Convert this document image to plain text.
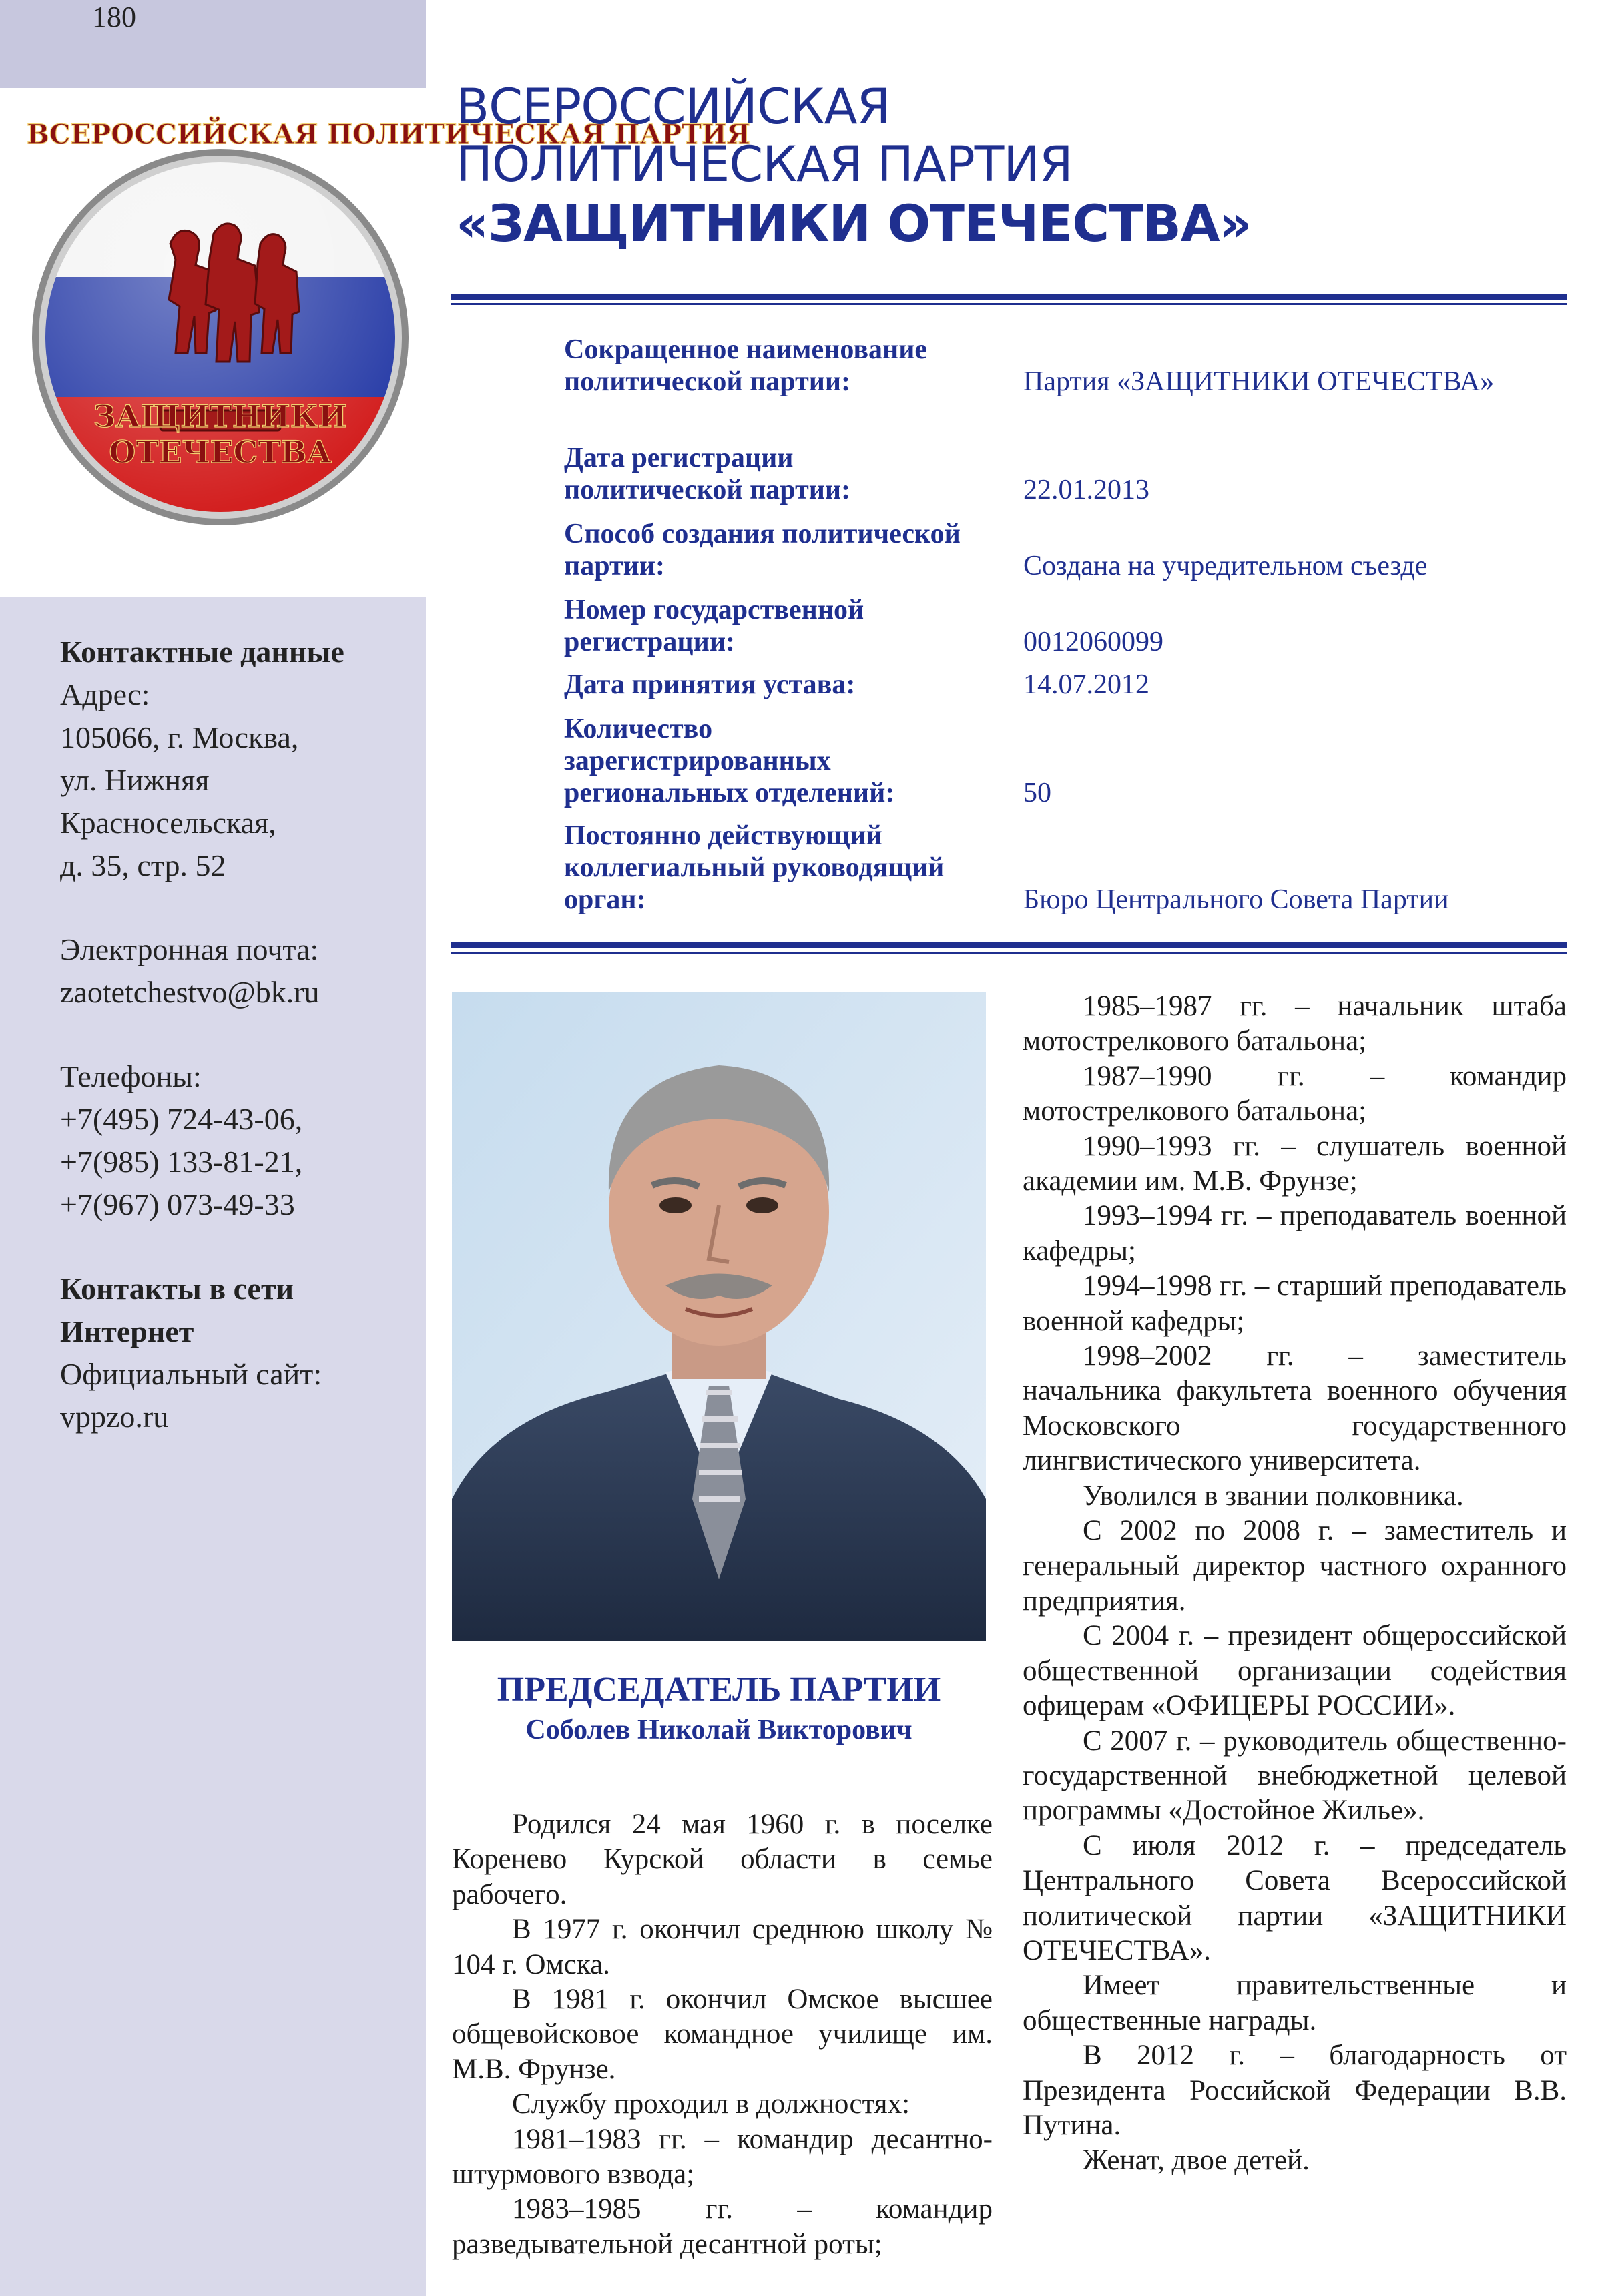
180
ВСЕРОССИЙСКАЯ ПОЛИТИЧЕСКАЯ ПАРТИЯ
ЗАЩИТНИКИ
ОТЕЧЕСТВА
Контактные данные
Адрес:
105066, г. Москва,
ул. Нижняя
Красносельская,
д. 35, стр. 52
Электронная почта:
zaotetchestvo@bk.ru
Телефоны:
+7(495) 724-43-06,
+7(985) 133-81-21,
+7(967) 073-49-33
Контакты в сети
Интернет
Официальный сайт:
vppzo.ru
ВСЕРОССИЙСКАЯ
ПОЛИТИЧЕСКАЯ ПАРТИЯ
«ЗАЩИТНИКИ ОТЕЧЕСТВА»
Сокращенное наименование политической партии:	Партия «ЗАЩИТНИКИ ОТЕЧЕСТВА»
Дата регистрации политической партии:	22.01.2013
Способ создания политической партии:	Создана на учредительном съезде
Номер государственной регистрации:	0012060099
Дата принятия устава:	14.07.2012
Количество зарегистрированных региональных отделений:	50
Постоянно действующий коллегиальный руководящий орган:	Бюро Центрального Совета Партии
ПРЕДСЕДАТЕЛЬ ПАРТИИ
Соболев Николай Викторович

Родился 24 мая 1960 г. в поселке Коренево Курской области в семье рабочего.

В 1977 г. окончил среднюю школу № 104 г. Омска.

В 1981 г. окончил Омское высшее общевойсковое командное училище им. М.В. Фрунзе.

Службу проходил в должностях:

1981–1983 гг. – командир десантно-штурмового взвода;

1983–1985 гг. – командир разведывательной десантной роты;

1985–1987 гг. – начальник штаба мотострелкового батальона;

1987–1990 гг. – командир мотострелкового батальона;

1990–1993 гг. – слушатель военной академии им. М.В. Фрунзе;

1993–1994 гг. – преподаватель военной кафедры;

1994–1998 гг. – старший преподаватель военной кафедры;

1998–2002 гг. – заместитель начальника факультета военного обучения Московского государственного лингвистического университета.

Уволился в звании полковника.

С 2002 по 2008 г. – заместитель и генеральный директор частного охранного предприятия.

С 2004 г. – президент общероссийской общественной организации содействия офицерам «ОФИЦЕРЫ РОССИИ».

С 2007 г. – руководитель общественно-государственной внебюджетной целевой программы «Достойное Жилье».

С июля 2012 г. – председатель Центрального Совета Всероссийской политической партии «ЗАЩИТНИКИ ОТЕЧЕСТВА».

Имеет правительственные и общественные награды.

В 2012 г. – благодарность от Президента Российской Федерации В.В. Путина.

Женат, двое детей.
